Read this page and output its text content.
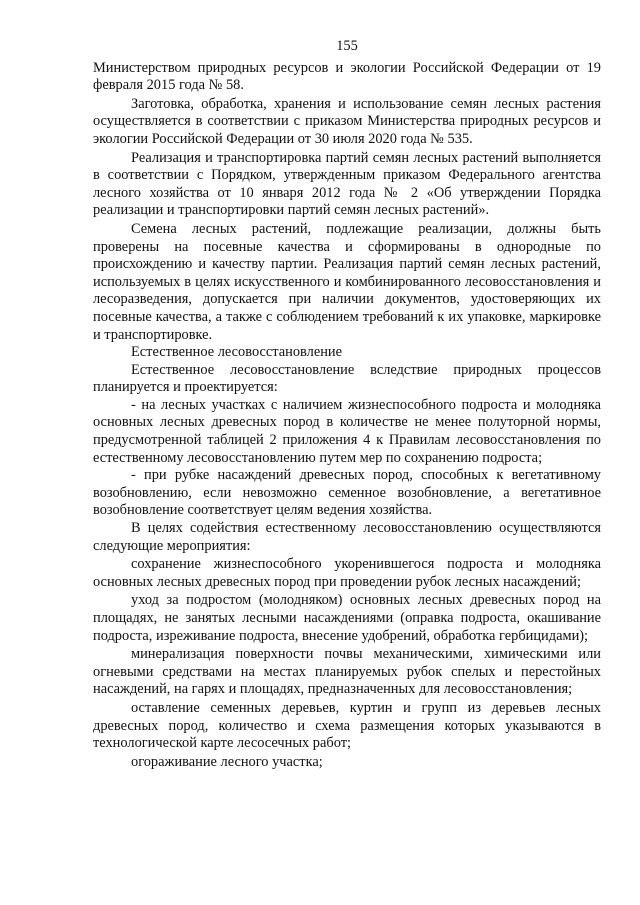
155

Министерством природных ресурсов и экологии Российской Федерации от 19 февраля 2015 года № 58.

Заготовка, обработка, хранения и использование семян лесных растения осуществляется в соответствии с приказом Министерства природных ресурсов и экологии Российской Федерации от 30 июля 2020 года № 535.

Реализация и транспортировка партий семян лесных растений выполняется в соответствии с Порядком, утвержденным приказом Федерального агентства лесного хозяйства от 10 января 2012 года № 2 «Об утверждении Порядка реализации и транспортировки партий семян лесных растений».

Семена лесных растений, подлежащие реализации, должны быть проверены на посевные качества и сформированы в однородные по происхождению и качеству партии. Реализация партий семян лесных растений, используемых в целях искусственного и комбинированного лесовосстановления и лесоразведения, допускается при наличии документов, удостоверяющих их посевные качества, а также с соблюдением требований к их упаковке, маркировке и транспортировке.

Естественное лесовосстановление

Естественное лесовосстановление вследствие природных процессов планируется и проектируется:

- на лесных участках с наличием жизнеспособного подроста и молодняка основных лесных древесных пород в количестве не менее полуторной нормы, предусмотренной таблицей 2 приложения 4 к Правилам лесовосстановления по естественному лесовосстановлению путем мер по сохранению подроста;

- при рубке насаждений древесных пород, способных к вегетативному возобновлению, если невозможно семенное возобновление, а вегетативное возобновление соответствует целям ведения хозяйства.

В целях содействия естественному лесовосстановлению осуществляются следующие мероприятия:

сохранение жизнеспособного укоренившегося подроста и молодняка основных лесных древесных пород при проведении рубок лесных насаждений;

уход за подростом (молодняком) основных лесных древесных пород на площадях, не занятых лесными насаждениями (оправка подроста, окашивание подроста, изреживание подроста, внесение удобрений, обработка гербицидами);

минерализация поверхности почвы механическими, химическими или огневыми средствами на местах планируемых рубок спелых и перестойных насаждений, на гарях и площадях, предназначенных для лесовосстановления;

оставление семенных деревьев, куртин и групп из деревьев лесных древесных пород, количество и схема размещения которых указываются в технологической карте лесосечных работ;

огораживание лесного участка;
